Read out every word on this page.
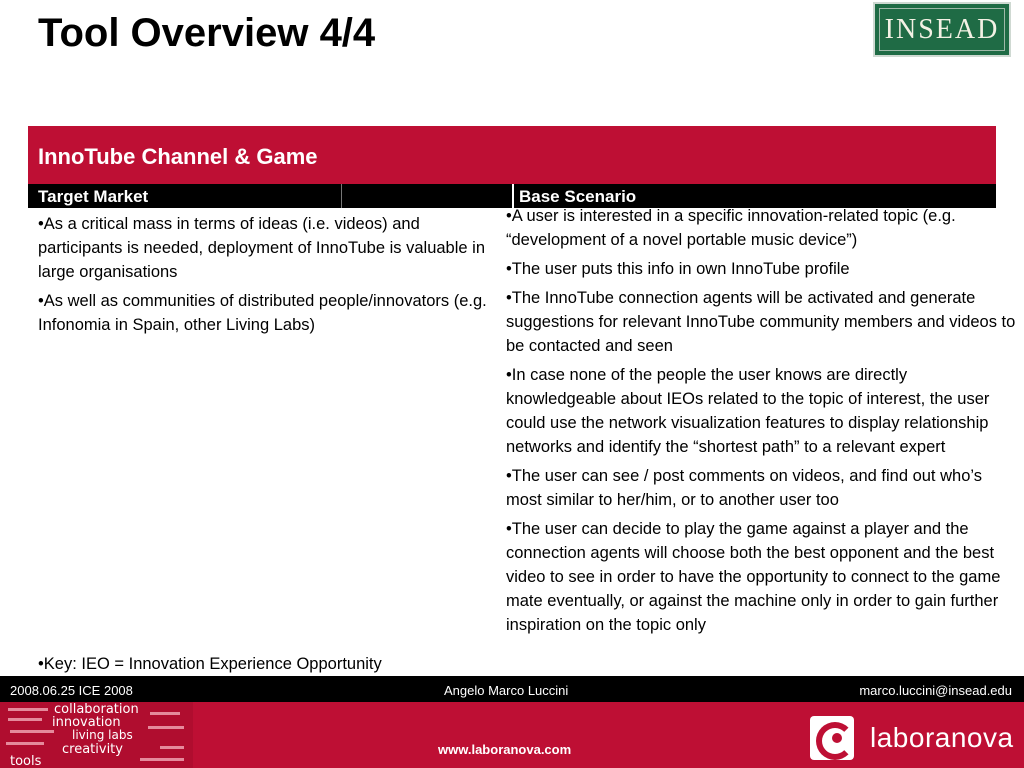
Tool Overview 4/4	INSEAD
InnoTube Channel & Game
Target Market	Base Scenario

•As a critical mass in terms of ideas (i.e. videos) and participants is needed, deployment of InnoTube is valuable in large organisations

•As well as communities of distributed people/innovators (e.g. Infonomia in Spain, other Living Labs)

•Key: IEO = Innovation Experience Opportunity

•A user is interested in a specific innovation-related topic (e.g. “development of a novel portable music device”)

•The user puts this info in own InnoTube profile

•The InnoTube connection agents will be activated and generate suggestions for relevant InnoTube community members and videos to be contacted and seen

•In case none of the people the user knows are directly knowledgeable about IEOs related to the topic of interest, the user could use the network visualization features to display relationship networks and identify the “shortest path” to a relevant expert

•The user can see / post comments on videos, and find out who’s most similar to her/him, or to another user too

•The user can decide to play the game against a player and the connection agents will choose both the best opponent and the best video to see in order to have the opportunity to connect to the game mate eventually, or against the machine only in order to gain further inspiration on the topic only

2008.06.25 ICE 2008	Angelo Marco Luccini	marco.luccini@insead.edu
collaboration
innovation
living labs
creativity
tools
www.laboranova.com	laboranova
